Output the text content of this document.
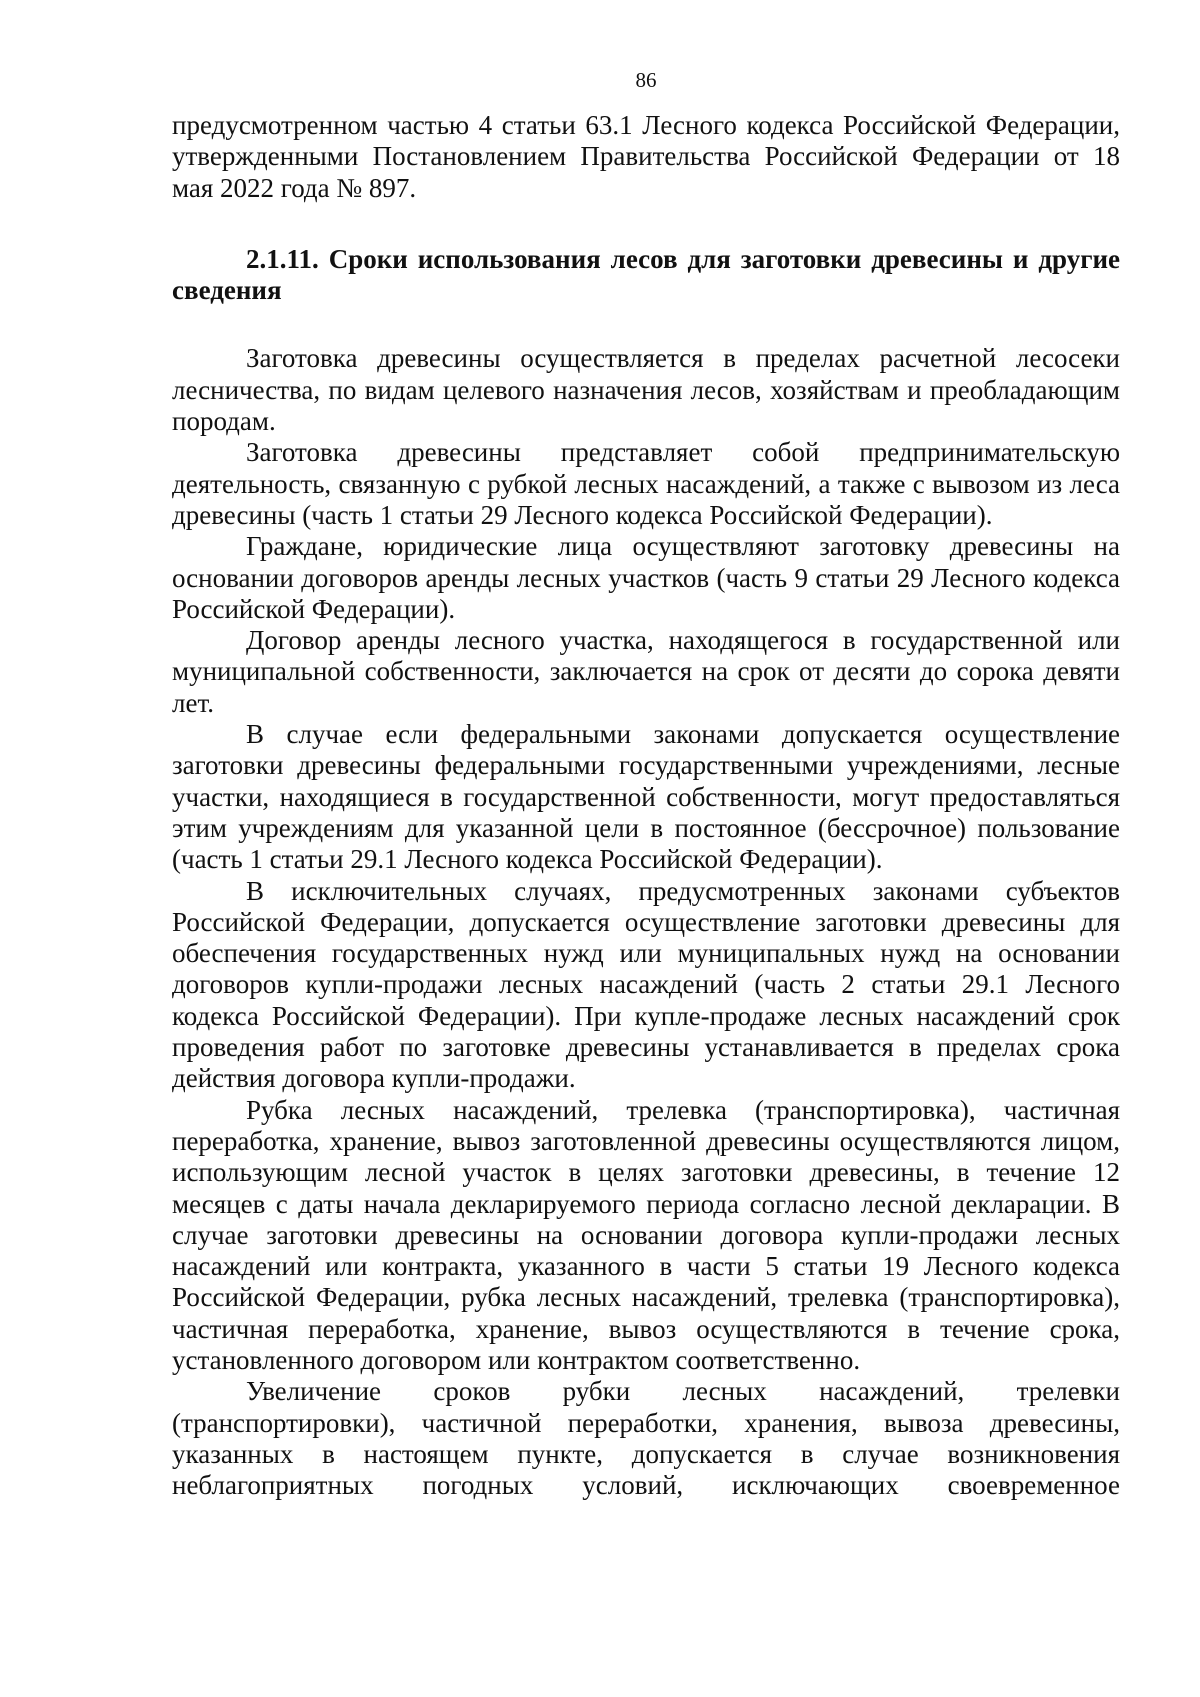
86

предусмотренном частью 4 статьи 63.1 Лесного кодекса Российской Федерации, утвержденными Постановлением Правительства Российской Федерации от 18 мая 2022 года № 897.

2.1.11. Сроки использования лесов для заготовки древесины и другие сведения

Заготовка древесины осуществляется в пределах расчетной лесосеки лесничества, по видам целевого назначения лесов, хозяйствам и преобладающим породам.

Заготовка древесины представляет собой предпринимательскую деятельность, связанную с рубкой лесных насаждений, а также с вывозом из леса древесины (часть 1 статьи 29 Лесного кодекса Российской Федерации).

Граждане, юридические лица осуществляют заготовку древесины на основании договоров аренды лесных участков (часть 9 статьи 29 Лесного кодекса Российской Федерации).

Договор аренды лесного участка, находящегося в государственной или муниципальной собственности, заключается на срок от десяти до сорока девяти лет.

В случае если федеральными законами допускается осуществление заготовки древесины федеральными государственными учреждениями, лесные участки, находящиеся в государственной собственности, могут предоставляться этим учреждениям для указанной цели в постоянное (бессрочное) пользование (часть 1 статьи 29.1 Лесного кодекса Российской Федерации).

В исключительных случаях, предусмотренных законами субъектов Российской Федерации, допускается осуществление заготовки древесины для обеспечения государственных нужд или муниципальных нужд на основании договоров купли-продажи лесных насаждений (часть 2 статьи 29.1 Лесного кодекса Российской Федерации). При купле-продаже лесных насаждений срок проведения работ по заготовке древесины устанавливается в пределах срока действия договора купли-продажи.

Рубка лесных насаждений, трелевка (транспортировка), частичная переработка, хранение, вывоз заготовленной древесины осуществляются лицом, использующим лесной участок в целях заготовки древесины, в течение 12 месяцев с даты начала декларируемого периода согласно лесной декларации. В случае заготовки древесины на основании договора купли-продажи лесных насаждений или контракта, указанного в части 5 статьи 19 Лесного кодекса Российской Федерации, рубка лесных насаждений, трелевка (транспортировка), частичная переработка, хранение, вывоз осуществляются в течение срока, установленного договором или контрактом соответственно.

Увеличение сроков рубки лесных насаждений, трелевки (транспортировки), частичной переработки, хранения, вывоза древесины, указанных в настоящем пункте, допускается в случае возникновения неблагоприятных погодных условий, исключающих своевременное
